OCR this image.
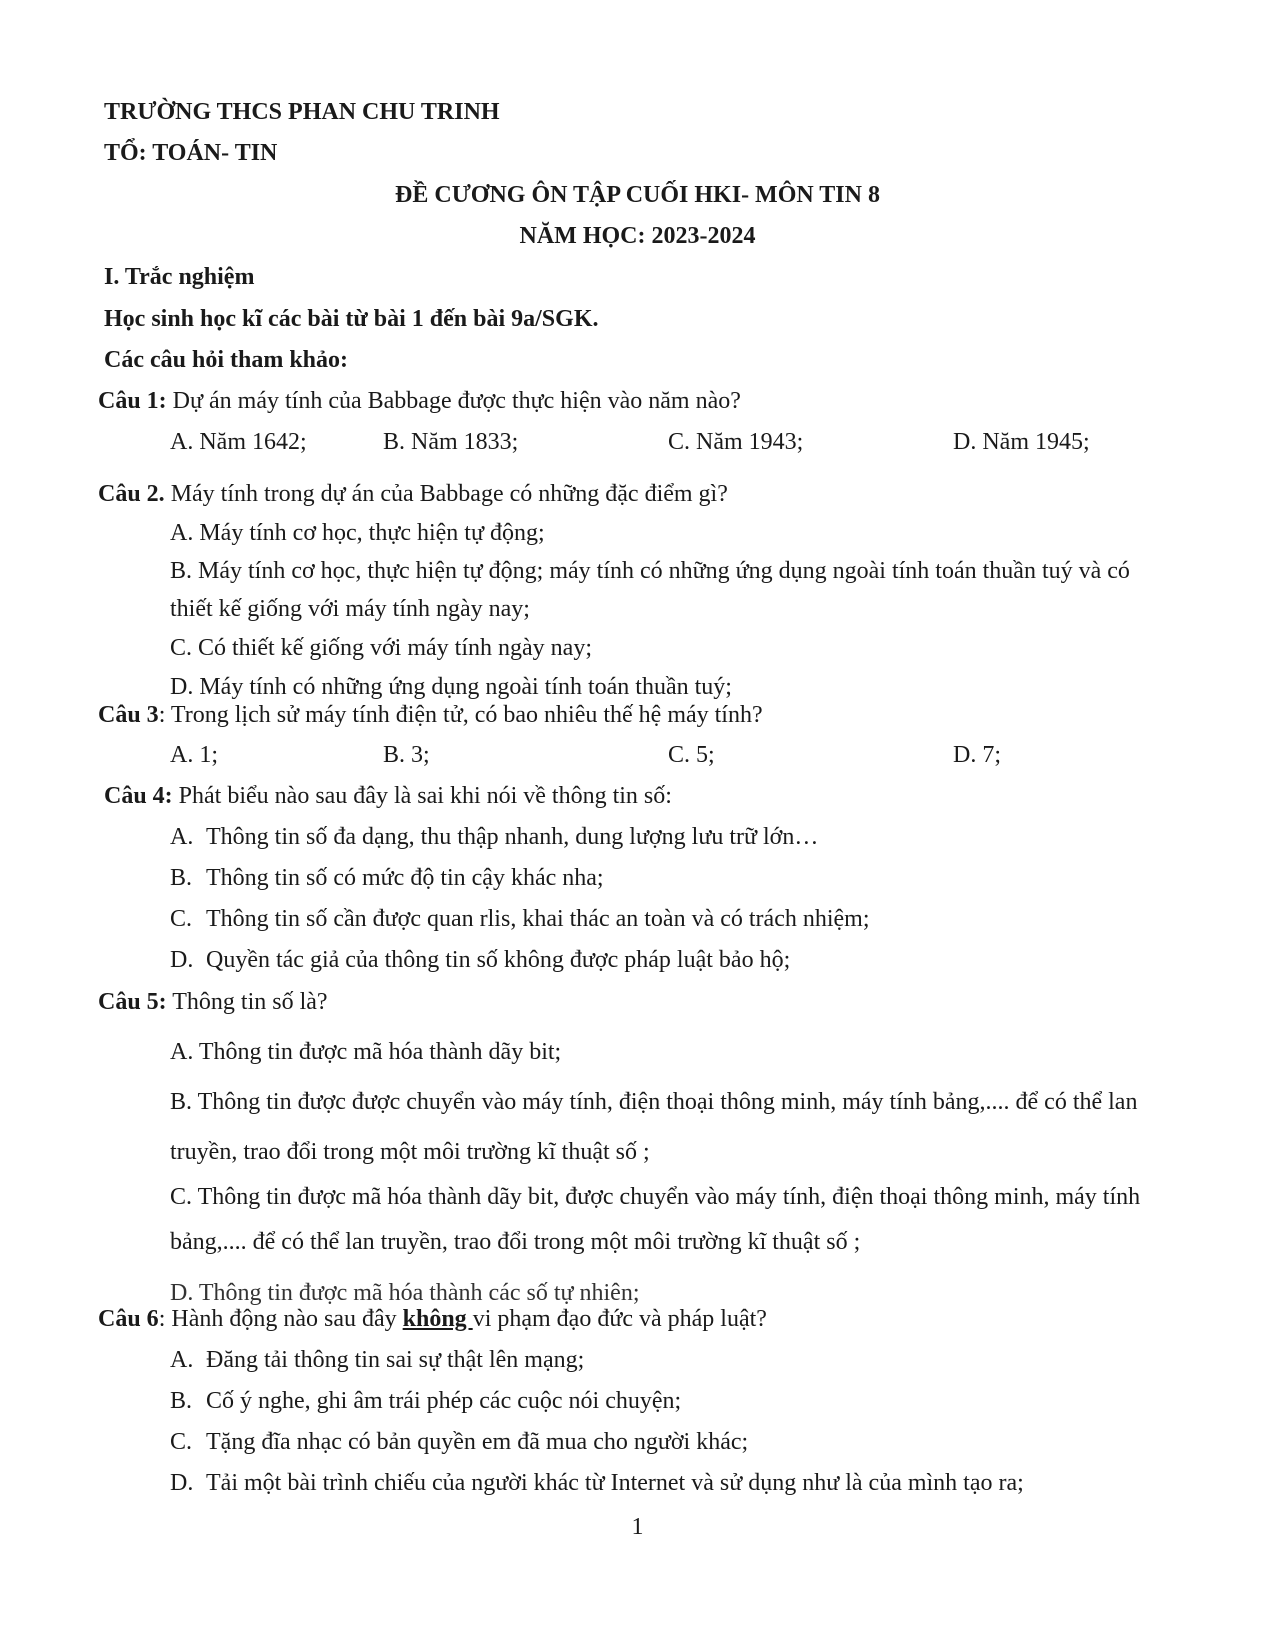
TRƯỜNG THCS PHAN CHU TRINH
TỔ: TOÁN- TIN
ĐỀ CƯƠNG ÔN TẬP CUỐI HKI- MÔN TIN 8
NĂM HỌC: 2023-2024
I. Trắc nghiệm
Học sinh học kĩ các bài từ bài 1 đến bài 9a/SGK.
Các câu hỏi tham khảo:
Câu 1: Dự án máy tính của Babbage được thực hiện vào năm nào?
A. Năm 1642;	B. Năm 1833;	C. Năm 1943;	D. Năm 1945;
Câu 2. Máy tính trong dự án của Babbage có những đặc điểm gì?
A. Máy tính cơ học, thực hiện tự động;
B. Máy tính cơ học, thực hiện tự động; máy tính có những ứng dụng ngoài tính toán thuần tuý và có
thiết kế giống với máy tính ngày nay;
C. Có thiết kế giống với máy tính ngày nay;
D. Máy tính có những ứng dụng ngoài tính toán thuần tuý;
Câu 3: Trong lịch sử máy tính điện tử, có bao nhiêu thế hệ máy tính?
A. 1;	B. 3;	C. 5;	D. 7;
Câu 4: Phát biểu nào sau đây là sai khi nói về thông tin số:
A. Thông tin số đa dạng, thu thập nhanh, dung lượng lưu trữ lớn…
B. Thông tin số có mức độ tin cậy khác nha;
C. Thông tin số cần được quan rlis, khai thác an toàn và có trách nhiệm;
D. Quyền tác giả của thông tin số không được pháp luật bảo hộ;
Câu 5: Thông tin số là?
A. Thông tin được mã hóa thành dãy bit;
B. Thông tin được được chuyển vào máy tính, điện thoại thông minh, máy tính bảng,.... để có thể lan
truyền, trao đổi trong một môi trường kĩ thuật số ;
C. Thông tin được mã hóa thành dãy bit, được chuyển vào máy tính, điện thoại thông minh, máy tính
bảng,.... để có thể lan truyền, trao đổi trong một môi trường kĩ thuật số ;
D. Thông tin được mã hóa thành các số tự nhiên;
Câu 6: Hành động nào sau đây không vi phạm đạo đức và pháp luật?
A. Đăng tải thông tin sai sự thật lên mạng;
B. Cố ý nghe, ghi âm trái phép các cuộc nói chuyện;
C. Tặng đĩa nhạc có bản quyền em đã mua cho người khác;
D. Tải một bài trình chiếu của người khác từ Internet và sử dụng như là của mình tạo ra;
1
